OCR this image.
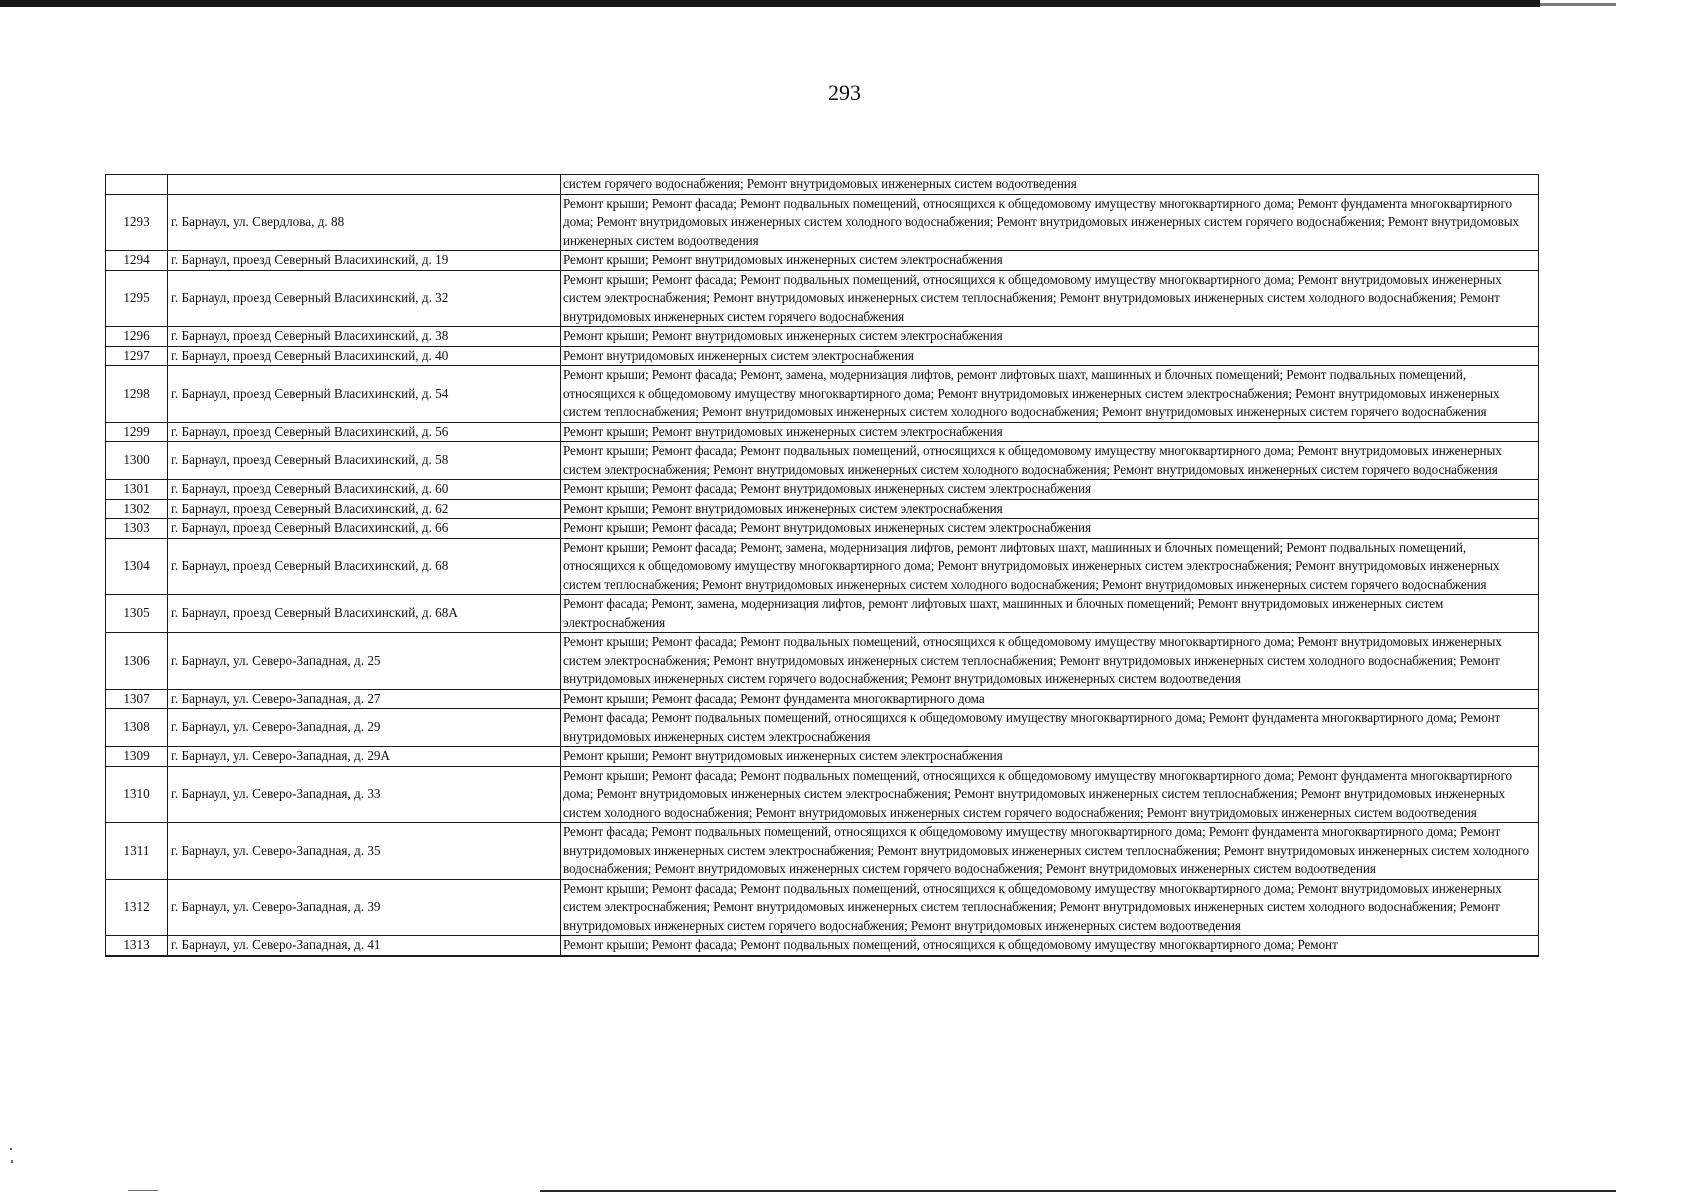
293
		систем горячего водоснабжения; Ремонт внутридомовых инженерных систем водоотведения
1293	г. Барнаул, ул. Свердлова, д. 88	Ремонт крыши; Ремонт фасада; Ремонт подвальных помещений, относящихся к общедомовому имуществу многоквартирного дома; Ремонт фундамента многоквартирного дома; Ремонт внутридомовых инженерных систем холодного водоснабжения; Ремонт внутридомовых инженерных систем горячего водоснабжения; Ремонт внутридомовых инженерных систем водоотведения
1294	г. Барнаул, проезд Северный Власихинский, д. 19	Ремонт крыши; Ремонт внутридомовых инженерных систем электроснабжения
1295	г. Барнаул, проезд Северный Власихинский, д. 32	Ремонт крыши; Ремонт фасада; Ремонт подвальных помещений, относящихся к общедомовому имуществу многоквартирного дома; Ремонт внутридомовых инженерных систем электроснабжения; Ремонт внутридомовых инженерных систем теплоснабжения; Ремонт внутридомовых инженерных систем холодного водоснабжения; Ремонт внутридомовых инженерных систем горячего водоснабжения
1296	г. Барнаул, проезд Северный Власихинский, д. 38	Ремонт крыши; Ремонт внутридомовых инженерных систем электроснабжения
1297	г. Барнаул, проезд Северный Власихинский, д. 40	Ремонт внутридомовых инженерных систем электроснабжения
1298	г. Барнаул, проезд Северный Власихинский, д. 54	Ремонт крыши; Ремонт фасада; Ремонт, замена, модернизация лифтов, ремонт лифтовых шахт, машинных и блочных помещений; Ремонт подвальных помещений, относящихся к общедомовому имуществу многоквартирного дома; Ремонт внутридомовых инженерных систем электроснабжения; Ремонт внутридомовых инженерных систем теплоснабжения; Ремонт внутридомовых инженерных систем холодного водоснабжения; Ремонт внутридомовых инженерных систем горячего водоснабжения
1299	г. Барнаул, проезд Северный Власихинский, д. 56	Ремонт крыши; Ремонт внутридомовых инженерных систем электроснабжения
1300	г. Барнаул, проезд Северный Власихинский, д. 58	Ремонт крыши; Ремонт фасада; Ремонт подвальных помещений, относящихся к общедомовому имуществу многоквартирного дома; Ремонт внутридомовых инженерных систем электроснабжения; Ремонт внутридомовых инженерных систем холодного водоснабжения; Ремонт внутридомовых инженерных систем горячего водоснабжения
1301	г. Барнаул, проезд Северный Власихинский, д. 60	Ремонт крыши; Ремонт фасада; Ремонт внутридомовых инженерных систем электроснабжения
1302	г. Барнаул, проезд Северный Власихинский, д. 62	Ремонт крыши; Ремонт внутридомовых инженерных систем электроснабжения
1303	г. Барнаул, проезд Северный Власихинский, д. 66	Ремонт крыши; Ремонт фасада; Ремонт внутридомовых инженерных систем электроснабжения
1304	г. Барнаул, проезд Северный Власихинский, д. 68	Ремонт крыши; Ремонт фасада; Ремонт, замена, модернизация лифтов, ремонт лифтовых шахт, машинных и блочных помещений; Ремонт подвальных помещений, относящихся к общедомовому имуществу многоквартирного дома; Ремонт внутридомовых инженерных систем электроснабжения; Ремонт внутридомовых инженерных систем теплоснабжения; Ремонт внутридомовых инженерных систем холодного водоснабжения; Ремонт внутридомовых инженерных систем горячего водоснабжения
1305	г. Барнаул, проезд Северный Власихинский, д. 68А	Ремонт фасада; Ремонт, замена, модернизация лифтов, ремонт лифтовых шахт, машинных и блочных помещений; Ремонт внутридомовых инженерных систем электроснабжения
1306	г. Барнаул, ул. Северо-Западная, д. 25	Ремонт крыши; Ремонт фасада; Ремонт подвальных помещений, относящихся к общедомовому имуществу многоквартирного дома; Ремонт внутридомовых инженерных систем электроснабжения; Ремонт внутридомовых инженерных систем теплоснабжения; Ремонт внутридомовых инженерных систем холодного водоснабжения; Ремонт внутридомовых инженерных систем горячего водоснабжения; Ремонт внутридомовых инженерных систем водоотведения
1307	г. Барнаул, ул. Северо-Западная, д. 27	Ремонт крыши; Ремонт фасада; Ремонт фундамента многоквартирного дома
1308	г. Барнаул, ул. Северо-Западная, д. 29	Ремонт фасада; Ремонт подвальных помещений, относящихся к общедомовому имуществу многоквартирного дома; Ремонт фундамента многоквартирного дома; Ремонт внутридомовых инженерных систем электроснабжения
1309	г. Барнаул, ул. Северо-Западная, д. 29А	Ремонт крыши; Ремонт внутридомовых инженерных систем электроснабжения
1310	г. Барнаул, ул. Северо-Западная, д. 33	Ремонт крыши; Ремонт фасада; Ремонт подвальных помещений, относящихся к общедомовому имуществу многоквартирного дома; Ремонт фундамента многоквартирного дома; Ремонт внутридомовых инженерных систем электроснабжения; Ремонт внутридомовых инженерных систем теплоснабжения; Ремонт внутридомовых инженерных систем холодного водоснабжения; Ремонт внутридомовых инженерных систем горячего водоснабжения; Ремонт внутридомовых инженерных систем водоотведения
1311	г. Барнаул, ул. Северо-Западная, д. 35	Ремонт фасада; Ремонт подвальных помещений, относящихся к общедомовому имуществу многоквартирного дома; Ремонт фундамента многоквартирного дома; Ремонт внутридомовых инженерных систем электроснабжения; Ремонт внутридомовых инженерных систем теплоснабжения; Ремонт внутридомовых инженерных систем холодного водоснабжения; Ремонт внутридомовых инженерных систем горячего водоснабжения; Ремонт внутридомовых инженерных систем водоотведения
1312	г. Барнаул, ул. Северо-Западная, д. 39	Ремонт крыши; Ремонт фасада; Ремонт подвальных помещений, относящихся к общедомовому имуществу многоквартирного дома; Ремонт внутридомовых инженерных систем электроснабжения; Ремонт внутридомовых инженерных систем теплоснабжения; Ремонт внутридомовых инженерных систем холодного водоснабжения; Ремонт внутридомовых инженерных систем горячего водоснабжения; Ремонт внутридомовых инженерных систем водоотведения
1313	г. Барнаул, ул. Северо-Западная, д. 41	Ремонт крыши; Ремонт фасада; Ремонт подвальных помещений, относящихся к общедомовому имуществу многоквартирного дома; Ремонт
